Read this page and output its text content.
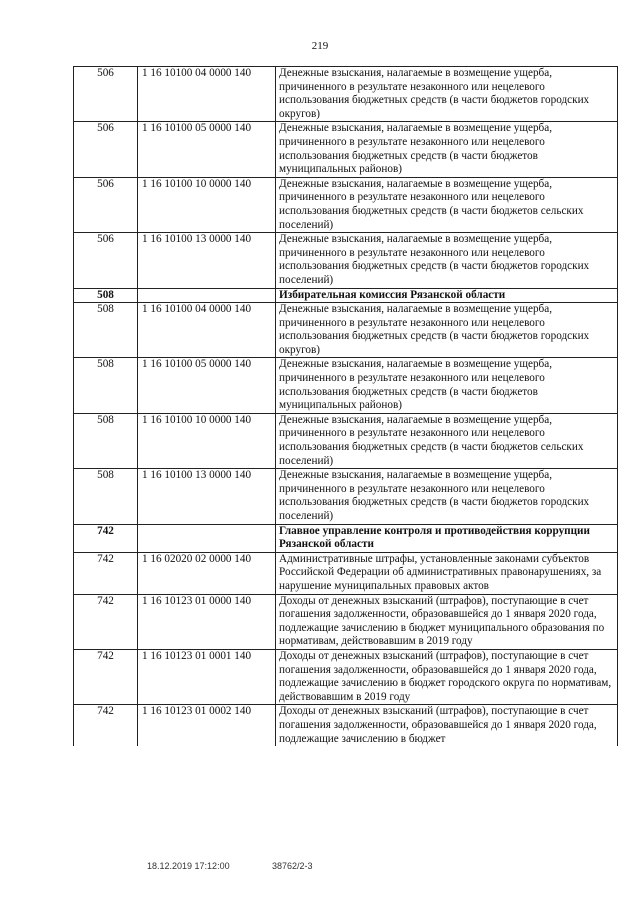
219
506	1 16 10100 04 0000 140	Денежные взыскания, налагаемые в возмещение ущерба, причиненного в результате незаконного или нецелевого использования бюджетных средств (в части бюджетов городских округов)
506	1 16 10100 05 0000 140	Денежные взыскания, налагаемые в возмещение ущерба, причиненного в результате незаконного или нецелевого использования бюджетных средств (в части бюджетов муниципальных районов)
506	1 16 10100 10 0000 140	Денежные взыскания, налагаемые в возмещение ущерба, причиненного в результате незаконного или нецелевого использования бюджетных средств (в части бюджетов сельских поселений)
506	1 16 10100 13 0000 140	Денежные взыскания, налагаемые в возмещение ущерба, причиненного в результате незаконного или нецелевого использования бюджетных средств (в части бюджетов городских поселений)
508		Избирательная комиссия Рязанской области
508	1 16 10100 04 0000 140	Денежные взыскания, налагаемые в возмещение ущерба, причиненного в результате незаконного или нецелевого использования бюджетных средств (в части бюджетов городских округов)
508	1 16 10100 05 0000 140	Денежные взыскания, налагаемые в возмещение ущерба, причиненного в результате незаконного или нецелевого использования бюджетных средств (в части бюджетов муниципальных районов)
508	1 16 10100 10 0000 140	Денежные взыскания, налагаемые в возмещение ущерба, причиненного в результате незаконного или нецелевого использования бюджетных средств (в части бюджетов сельских поселений)
508	1 16 10100 13 0000 140	Денежные взыскания, налагаемые в возмещение ущерба, причиненного в результате незаконного или нецелевого использования бюджетных средств (в части бюджетов городских поселений)
742		Главное управление контроля и противодействия коррупции Рязанской области
742	1 16 02020 02 0000 140	Административные штрафы, установленные законами субъектов Российской Федерации об административных правонарушениях, за нарушение муниципальных правовых актов
742	1 16 10123 01 0000 140	Доходы от денежных взысканий (штрафов), поступающие в счет погашения задолженности, образовавшейся до 1 января 2020 года, подлежащие зачислению в бюджет муниципального образования по нормативам, действовавшим в 2019 году
742	1 16 10123 01 0001 140	Доходы от денежных взысканий (штрафов), поступающие в счет погашения задолженности, образовавшейся до 1 января 2020 года, подлежащие зачислению в бюджет городского округа по нормативам, действовавшим в 2019 году
742	1 16 10123 01 0002 140	Доходы от денежных взысканий (штрафов), поступающие в счет погашения задолженности, образовавшейся до 1 января 2020 года, подлежащие зачислению в бюджет
18.12.2019 17:12:00	38762/2-3
